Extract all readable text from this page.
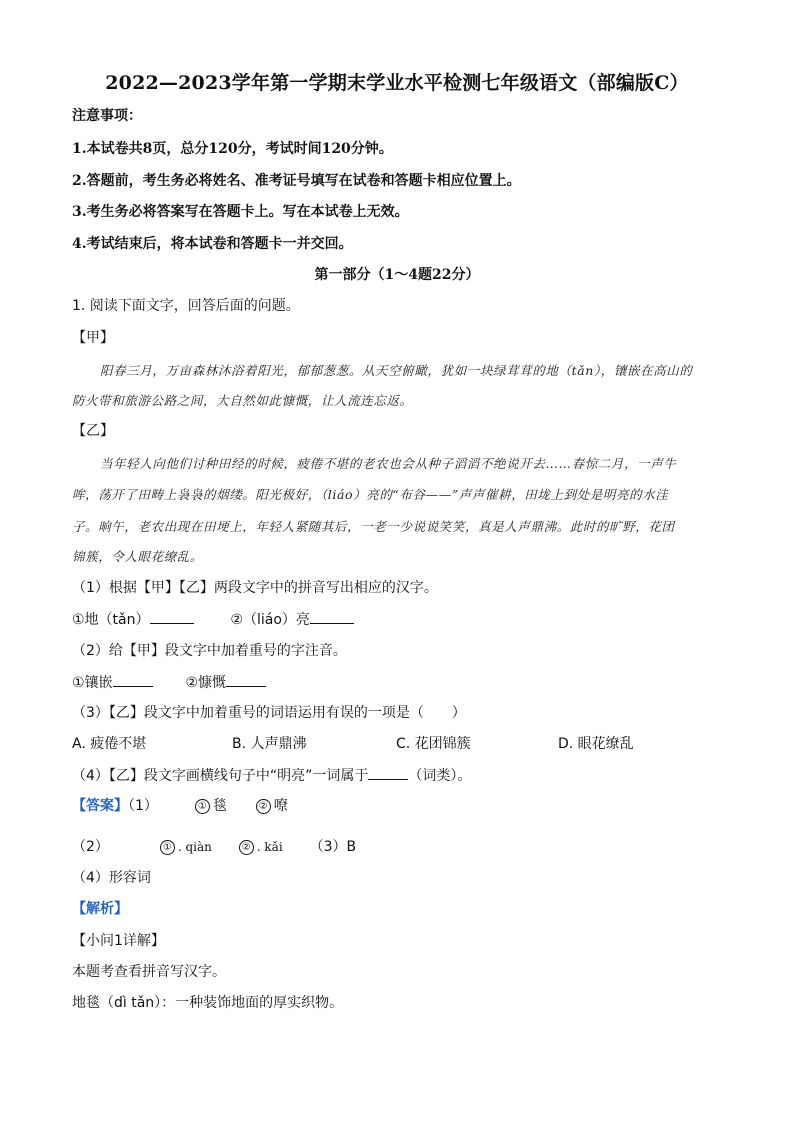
2022—2023学年第一学期末学业水平检测七年级语文（部编版C）
注意事项：
1.本试卷共8页，总分120分，考试时间120分钟。
2.答题前，考生务必将姓名、准考证号填写在试卷和答题卡相应位置上。
3.考生务必将答案写在答题卡上。写在本试卷上无效。
4.考试结束后，将本试卷和答题卡一并交回。
第一部分（1～4题22分）
1. 阅读下面文字，回答后面的问题。
【甲】
阳春三月，万亩森林沐浴着阳光，郁郁葱葱。从天空俯瞰，犹如一块绿茸茸的地（tǎn），镶嵌在高山的
防火带和旅游公路之间，大自然如此慷慨，让人流连忘返。
【乙】
当年轻人向他们讨种田经的时候，疲倦不堪的老农也会从种子滔滔不绝说开去……春惊二月，一声牛
哞，荡开了田畴上袅袅的烟缕。阳光极好，（liáo）亮的“布谷——”声声催耕，田垅上到处是明亮的水洼
子。晌午，老农出现在田埂上，年轻人紧随其后，一老一少说说笑笑，真是人声鼎沸。此时的旷野，花团
锦簇，令人眼花缭乱。
（1）根据【甲】【乙】两段文字中的拼音写出相应的汉字。
①地（tǎn）	②（liáo）亮
（2）给【甲】段文字中加着重号的字注音。
①镶嵌	②慷慨
（3）【乙】段文字中加着重号的词语运用有误的一项是（　　）
A. 疲倦不堪	B. 人声鼎沸	C. 花团锦簇	D. 眼花缭乱
（4）【乙】段文字画横线句子中“明亮”一词属于	（词类）。
【答案】（1）	① 毯	② 嘹
（2）	① . qiàn	② . kǎi （3）B
（4）形容词
【解析】
【小问1详解】
本题考查看拼音写汉字。
地毯（dì tǎn）：一种装饰地面的厚实织物。
